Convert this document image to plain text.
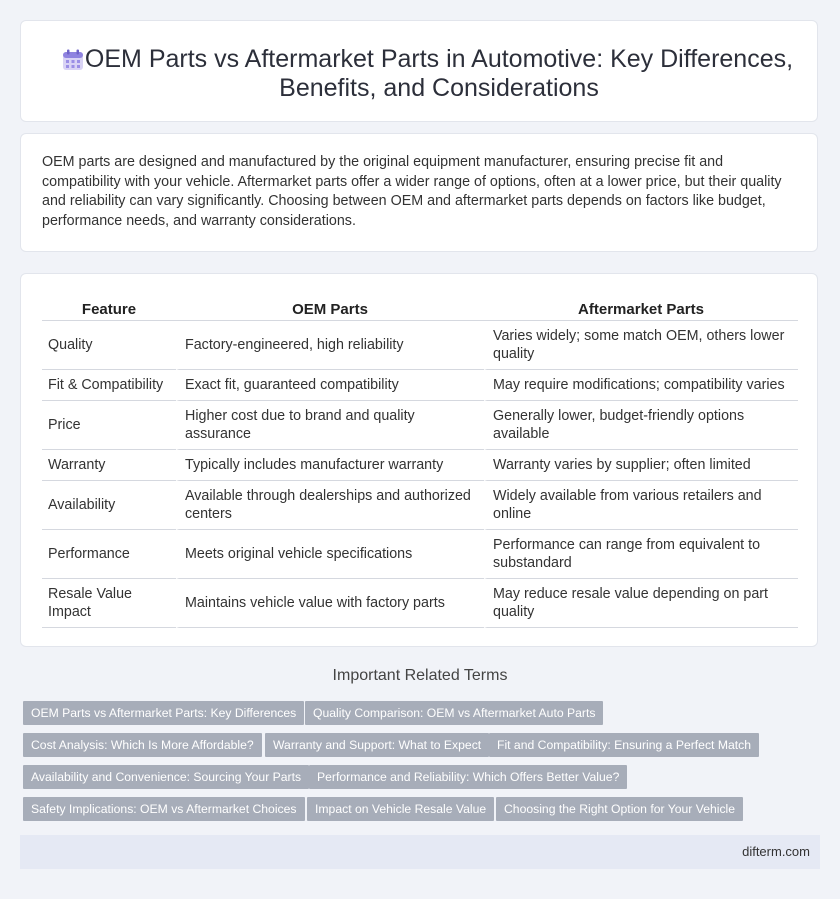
OEM Parts vs Aftermarket Parts in Automotive: Key Differences, Benefits, and Considerations

OEM parts are designed and manufactured by the original equipment manufacturer, ensuring precise fit and compatibility with your vehicle. Aftermarket parts offer a wider range of options, often at a lower price, but their quality and reliability can vary significantly. Choosing between OEM and aftermarket parts depends on factors like budget, performance needs, and warranty considerations.

Feature	OEM Parts	Aftermarket Parts
Quality	Factory-engineered, high reliability	Varies widely; some match OEM, others lower quality
Fit & Compatibility	Exact fit, guaranteed compatibility	May require modifications; compatibility varies
Price	Higher cost due to brand and quality assurance	Generally lower, budget-friendly options available
Warranty	Typically includes manufacturer warranty	Warranty varies by supplier; often limited
Availability	Available through dealerships and authorized centers	Widely available from various retailers and online
Performance	Meets original vehicle specifications	Performance can range from equivalent to substandard
Resale Value Impact	Maintains vehicle value with factory parts	May reduce resale value depending on part quality
Important Related Terms
OEM Parts vs Aftermarket Parts: Key Differences	Quality Comparison: OEM vs Aftermarket Auto Parts
Cost Analysis: Which Is More Affordable?	Warranty and Support: What to Expect	Fit and Compatibility: Ensuring a Perfect Match
Availability and Convenience: Sourcing Your Parts	Performance and Reliability: Which Offers Better Value?
Safety Implications: OEM vs Aftermarket Choices	Impact on Vehicle Resale Value	Choosing the Right Option for Your Vehicle
difterm.com
